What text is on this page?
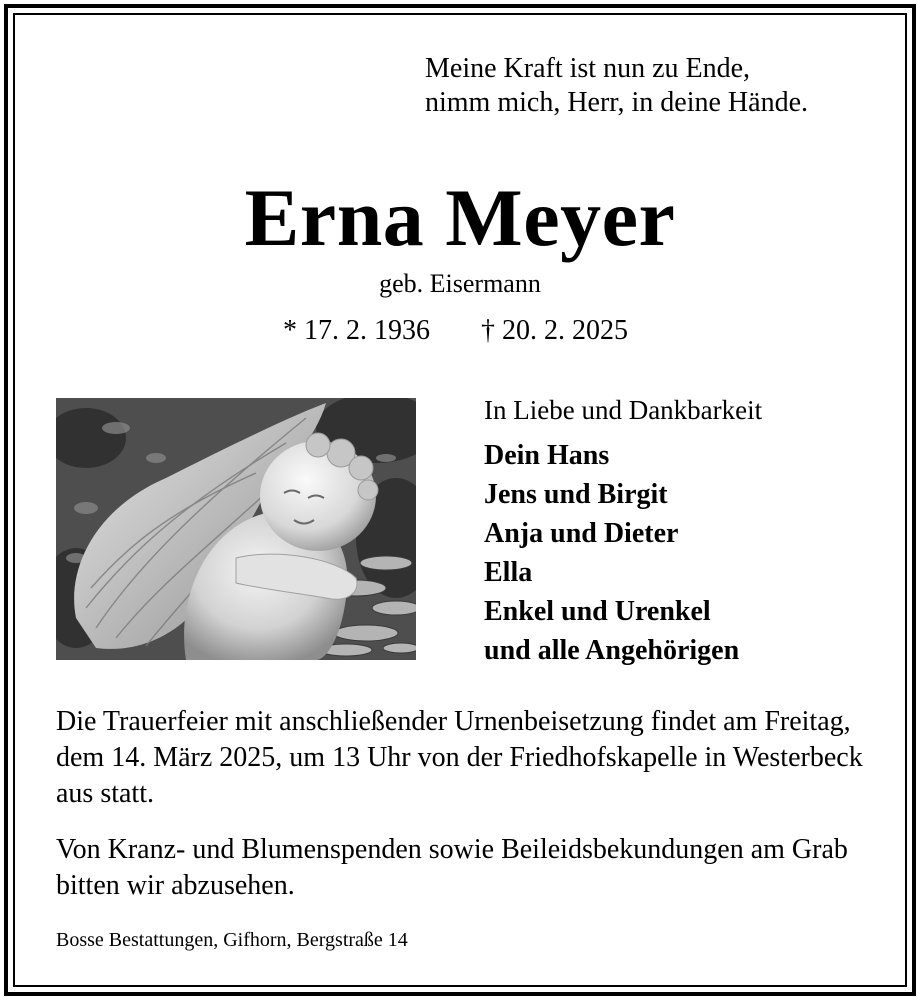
Meine Kraft ist nun zu Ende,
nimm mich, Herr, in deine Hände.
Erna Meyer
geb. Eisermann
* 17. 2. 1936 † 20. 2. 2025
In Liebe und Dankbarkeit
Dein Hans
Jens und Birgit
Anja und Dieter
Ella
Enkel und Urenkel
und alle Angehörigen
Die Trauerfeier mit anschließender Urnenbeisetzung findet am Freitag, dem 14. März 2025, um 13 Uhr von der Friedhofskapelle in Westerbeck aus statt.
Von Kranz- und Blumenspenden sowie Beileidsbekundungen am Grab bitten wir abzusehen.
Bosse Bestattungen, Gifhorn, Bergstraße 14
